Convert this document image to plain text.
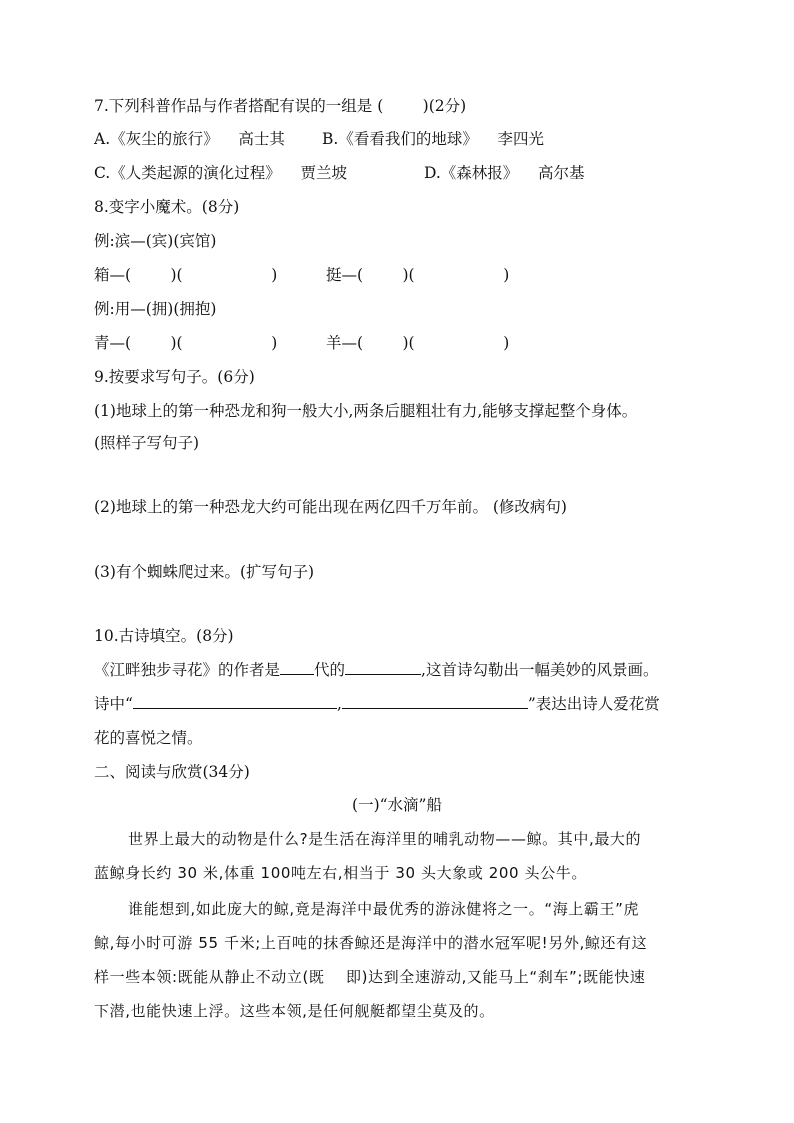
7.下列科普作品与作者搭配有误的一组是 (        )(2分)
A.《灰尘的旅行》    高士其 B.《看看我们的地球》    李四光
C.《人类起源的演化过程》    贾兰坡	D.《森林报》    高尔基
8.变字小魔术。(8分)
例:滨—(宾)(宾馆)
箱—(        )(                  )	挺—(        )(                  )
例:用—(拥)(拥抱)
青—(        )(                  )	羊—(        )(                  )
9.按要求写句子。(6分)
(1)地球上的第一种恐龙和狗一般大小,两条后腿粗壮有力,能够支撑起整个身体。
(照样子写句子)
(2)地球上的第一种恐龙大约可能出现在两亿四千万年前。 (修改病句)
(3)有个蜘蛛爬过来。(扩写句子)
10.古诗填空。(8分)
《江畔独步寻花》的作者是 代的	,这首诗勾勒出一幅美妙的风景画。
诗中“	,	”表达出诗人爱花赏
花的喜悦之情。
二、阅读与欣赏(34分)
(一)“水滴”船
世界上最大的动物是什么?是生活在海洋里的哺乳动物——鲸。其中,最大的
蓝鲸身长约 30 米,体重 100吨左右,相当于 30 头大象或 200 头公牛。
谁能想到,如此庞大的鲸,竟是海洋中最优秀的游泳健将之一。“海上霸王”虎
鲸,每小时可游 55 千米;上百吨的抹香鲸还是海洋中的潜水冠军呢!另外,鲸还有这
样一些本领:既能从静止不动立(既    即)达到全速游动,又能马上“刹车”;既能快速
下潜,也能快速上浮。这些本领,是任何舰艇都望尘莫及的。
